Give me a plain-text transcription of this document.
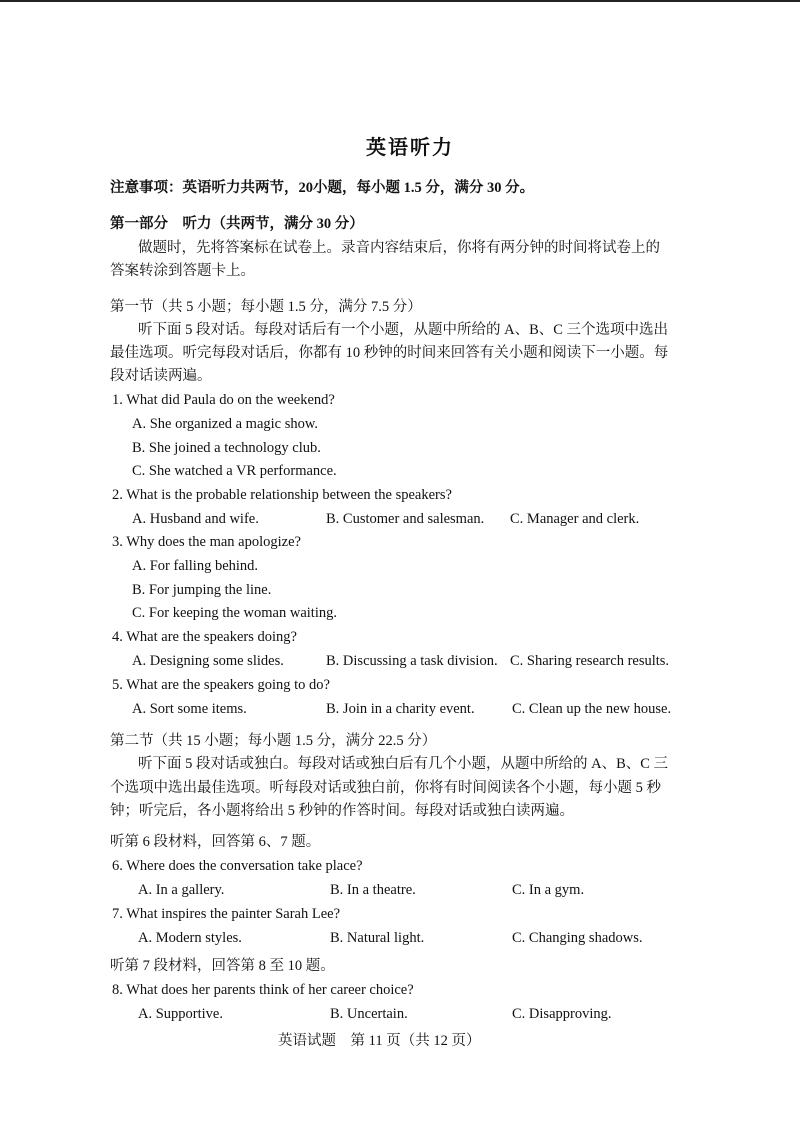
英语听力
注意事项：英语听力共两节，20小题，每小题 1.5 分，满分 30 分。
第一部分　听力（共两节，满分 30 分）
做题时，先将答案标在试卷上。录音内容结束后，你将有两分钟的时间将试卷上的
答案转涂到答题卡上。
第一节（共 5 小题；每小题 1.5 分，满分 7.5 分）
听下面 5 段对话。每段对话后有一个小题，从题中所给的 A、B、C 三个选项中选出
最佳选项。听完每段对话后，你都有 10 秒钟的时间来回答有关小题和阅读下一小题。每
段对话读两遍。
1. What did Paula do on the weekend?
A. She organized a magic show.
B. She joined a technology club.
C. She watched a VR performance.
2. What is the probable relationship between the speakers?
A. Husband and wife.	B. Customer and salesman. C. Manager and clerk.
3. Why does the man apologize?
A. For falling behind.
B. For jumping the line.
C. For keeping the woman waiting.
4. What are the speakers doing?
A. Designing some slides.	B. Discussing a task division. C. Sharing research results.
5. What are the speakers going to do?
A. Sort some items.	B. Join in a charity event.	C. Clean up the new house.
第二节（共 15 小题；每小题 1.5 分，满分 22.5 分）
听下面 5 段对话或独白。每段对话或独白后有几个小题，从题中所给的 A、B、C 三
个选项中选出最佳选项。听每段对话或独白前，你将有时间阅读各个小题，每小题 5 秒
钟；听完后，各小题将给出 5 秒钟的作答时间。每段对话或独白读两遍。
听第 6 段材料，回答第 6、7 题。
6. Where does the conversation take place?
A. In a gallery.	B. In a theatre.	C. In a gym.
7. What inspires the painter Sarah Lee?
A. Modern styles.	B. Natural light.	C. Changing shadows.
听第 7 段材料，回答第 8 至 10 题。
8. What does her parents think of her career choice?
A. Supportive.	B. Uncertain.	C. Disapproving.
英语试题　第 11 页（共 12 页）
